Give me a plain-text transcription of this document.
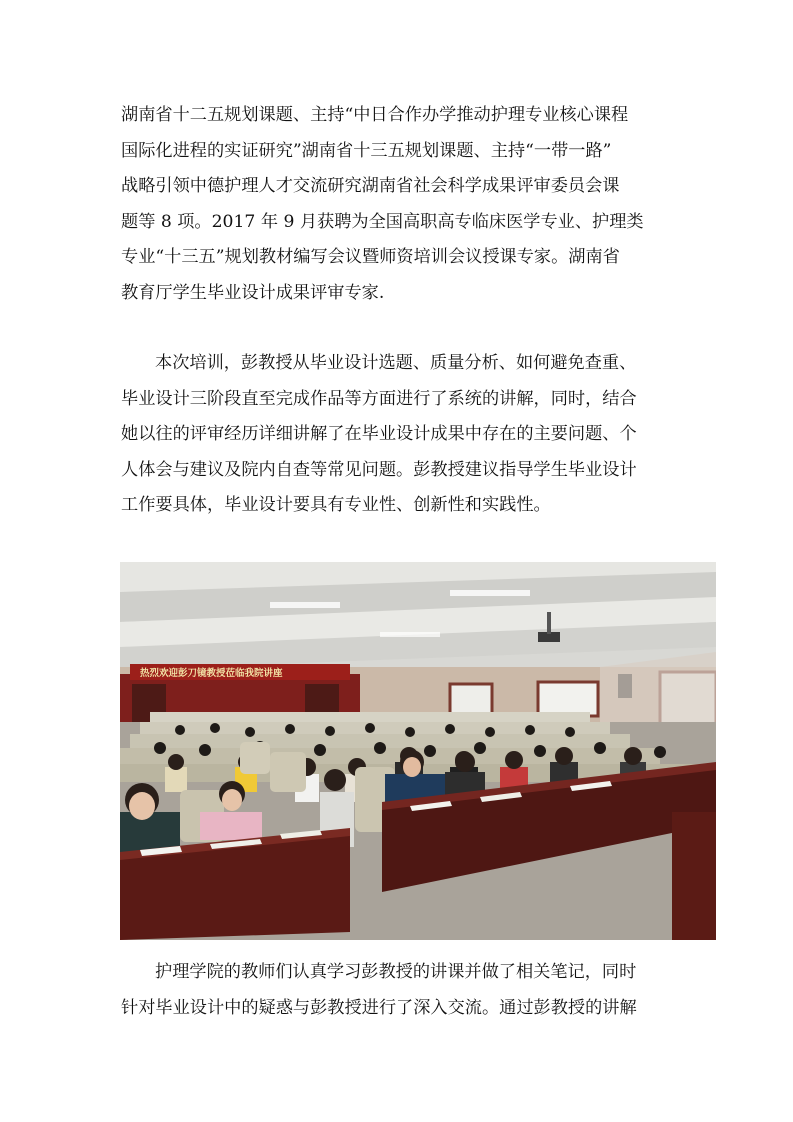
湖南省十二五规划课题、主持“中日合作办学推动护理专业核心课程
国际化进程的实证研究”湖南省十三五规划课题、主持“一带一路”
战略引领中德护理人才交流研究湖南省社会科学成果评审委员会课
题等 8 项。2017 年 9 月获聘为全国高职高专临床医学专业、护理类
专业“十三五”规划教材编写会议暨师资培训会议授课专家。湖南省
教育厅学生毕业设计成果评审专家.
本次培训，彭教授从毕业设计选题、质量分析、如何避免查重、
毕业设计三阶段直至完成作品等方面进行了系统的讲解，同时，结合
她以往的评审经历详细讲解了在毕业设计成果中存在的主要问题、个
人体会与建议及院内自查等常见问题。彭教授建议指导学生毕业设计
工作要具体，毕业设计要具有专业性、创新性和实践性。
热烈欢迎彭刀镜教授莅临我院讲座
护理学院的教师们认真学习彭教授的讲课并做了相关笔记，同时
针对毕业设计中的疑惑与彭教授进行了深入交流。通过彭教授的讲解
